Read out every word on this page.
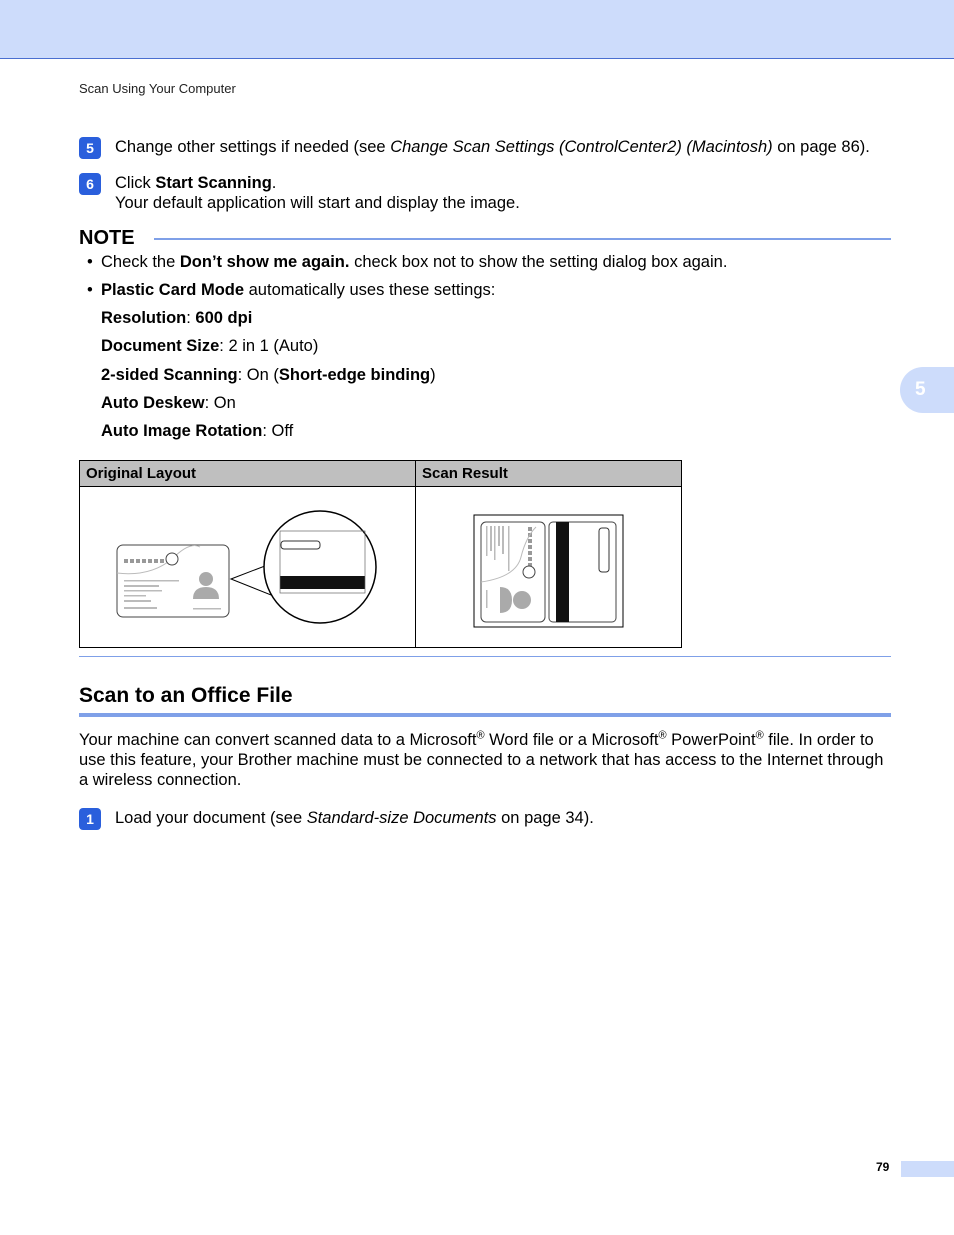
Scan Using Your Computer
5
5	Change other settings if needed (see Change Scan Settings (ControlCenter2) (Macintosh) on page 86).
6	Click Start Scanning.
Your default application will start and display the image.
NOTE
• Check the Don’t show me again. check box not to show the setting dialog box again.
• Plastic Card Mode automatically uses these settings:
Resolution: 600 dpi
Document Size: 2 in 1 (Auto)
2-sided Scanning: On (Short-edge binding)
Auto Deskew: On
Auto Image Rotation: Off
Original Layout	Scan Result

Scan to an Office File
Your machine can convert scanned data to a Microsoft® Word file or a Microsoft® PowerPoint® file. In order to use this feature, your Brother machine must be connected to a network that has access to the Internet through a wireless connection.
1	Load your document (see Standard-size Documents on page 34).
79
